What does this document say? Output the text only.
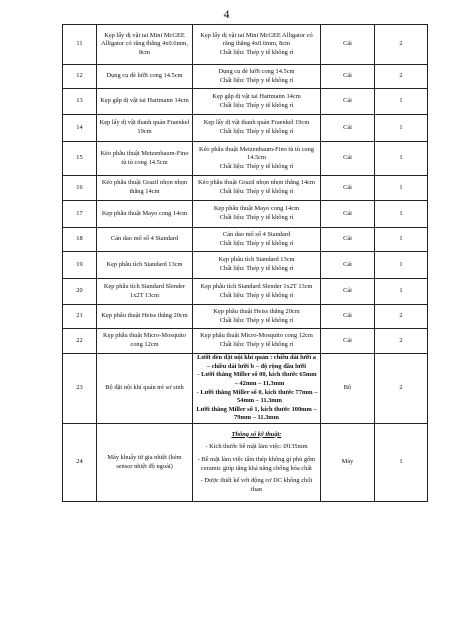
4
11	Kẹp lấy dị vật tai Mini McGEE Alligator có răng thẳng 4x0.6mm, 8cm	Kẹp lấy dị vật tai Mini McGEE Alligator có răng thẳng 4x0.6mm, 8cm
Chất liệu: Thép y tế không rỉ	Cái	2
12	Dụng cụ đè lưỡi cong 14.5cm	Dụng cụ đè lưỡi cong 14.5cm
Chất liệu: Thép y tế không rỉ	Cái	2
13	Kẹp gắp dị vật tai Hartmann 14cm	Kẹp gắp dị vật tai Hartmann 14cm
Chất liệu: Thép y tế không rỉ	Cái	1
14	Kẹp lấy dị vật thanh quản Fraenkel 19cm	Kẹp lấy dị vật thanh quản Fraenkel 19cm
Chất liệu: Thép y tế không rỉ	Cái	1
15	Kéo phẫu thuật Metzenbaum-Fino tù tù cong 14.5cm	Kéo phẫu thuật Metzenbaum-Fino tù tù cong 14.5cm
Chất liệu: Thép y tế không rỉ	Cái	1
16	Kéo phẫu thuật Grazil nhọn nhọn thẳng 14cm	Kéo phẫu thuật Grazil nhọn nhọn thẳng 14cm
Chất liệu: Thép y tế không rỉ	Cái	1
17	Kẹp phẫu thuật Mayo cong 14cm	Kẹp phẫu thuật Mayo cong 14cm
Chất liệu: Thép y tế không rỉ	Cái	1
18	Cán dao mổ số 4 Standard	Cán dao mổ số 4 Standard
Chất liệu: Thép y tế không rỉ	Cái	1
19	Kẹp phẫu tích Standard 13cm	Kẹp phẫu tích Standard 13cm
Chất liệu: Thép y tế không rỉ	Cái	1
20	Kẹp phẫu tích Standard Slender 1x2T 13cm	Kẹp phẫu tích Standard Slender 1x2T 13cm
Chất liệu: Thép y tế không rỉ	Cái	1
21	Kẹp phẫu thuật Heiss thẳng 20cm	Kẹp phẫu thuật Heiss thẳng 20cm
Chất liệu: Thép y tế không rỉ	Cái	2
22	Kẹp phẫu thuật Micro-Mosquito cong 12cm	Kẹp phẫu thuật Micro-Mosquito cong 12cm
Chất liệu: Thép y tế không rỉ	Cái	2
23	Bộ đặt nội khí quản trẻ sơ sinh	Lưỡi đèn đặt nội khí quản : chiều dài lưỡi a – chiều dài lưỡi b – độ rộng đầu lưỡi
- Lưỡi thẳng Miller số 00, kích thước 65mm – 42mm – 11.3mm
- Lưỡi thẳng Miller số 0, kích thước 77mm – 54mm – 11.3mm
Lưỡi thẳng Miller số 1, kích thước 100mm – 79mm – 11.3mm	Bộ	2
24	Máy khuấy từ gia nhiệt (kèm sensor nhiệt độ ngoài)	Thông số kỹ thuật:
- Kích thước bề mặt làm việc: Ø135mm
- Bề mặt làm việc tấm thép không gỉ phủ gốm ceramic giúp tăng khả năng chống hóa chất
- Được thiết kế với động cơ DC không chổi than	Máy	1
